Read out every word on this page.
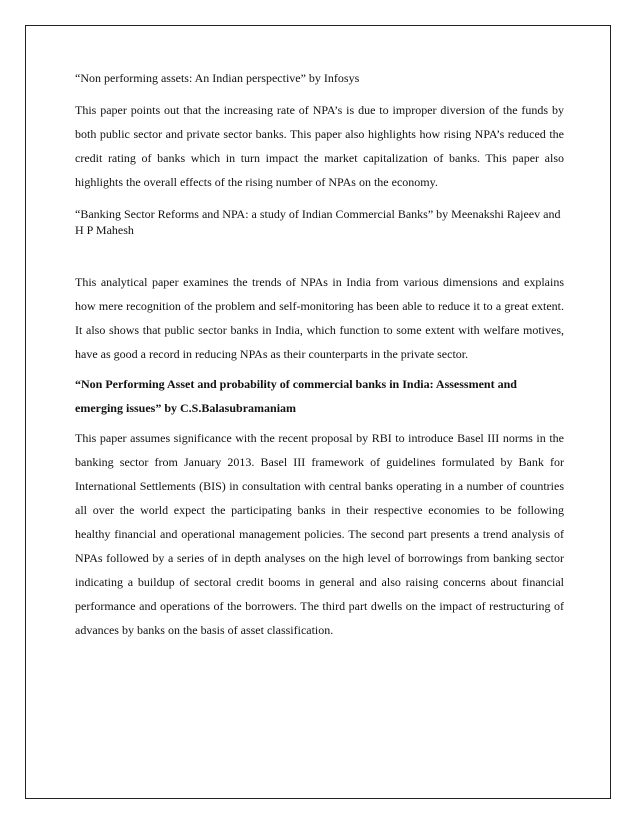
“Non performing assets: An Indian perspective” by Infosys

This paper points out that the increasing rate of NPA’s is due to improper diversion of the funds by both public sector and private sector banks. This paper also highlights how rising NPA’s reduced the credit rating of banks which in turn impact the market capitalization of banks. This paper also highlights the overall effects of the rising number of NPAs on the economy.

“Banking Sector Reforms and NPA: a study of Indian Commercial Banks” by Meenakshi Rajeev and H P Mahesh

This analytical paper examines the trends of NPAs in India from various dimensions and explains how mere recognition of the problem and self-monitoring has been able to reduce it to a great extent. It also shows that public sector banks in India, which function to some extent with welfare motives, have as good a record in reducing NPAs as their counterparts in the private sector.

“Non Performing Asset and probability of commercial banks in India: Assessment and emerging issues” by C.S.Balasubramaniam

This paper assumes significance with the recent proposal by RBI to introduce Basel III norms in the banking sector from January 2013. Basel III framework of guidelines formulated by Bank for International Settlements (BIS) in consultation with central banks operating in a number of countries all over the world expect the participating banks in their respective economies to be following healthy financial and operational management policies. The second part presents a trend analysis of NPAs followed by a series of in depth analyses on the high level of borrowings from banking sector indicating a buildup of sectoral credit booms in general and also raising concerns about financial performance and operations of the borrowers. The third part dwells on the impact of restructuring of advances by banks on the basis of asset classification.
